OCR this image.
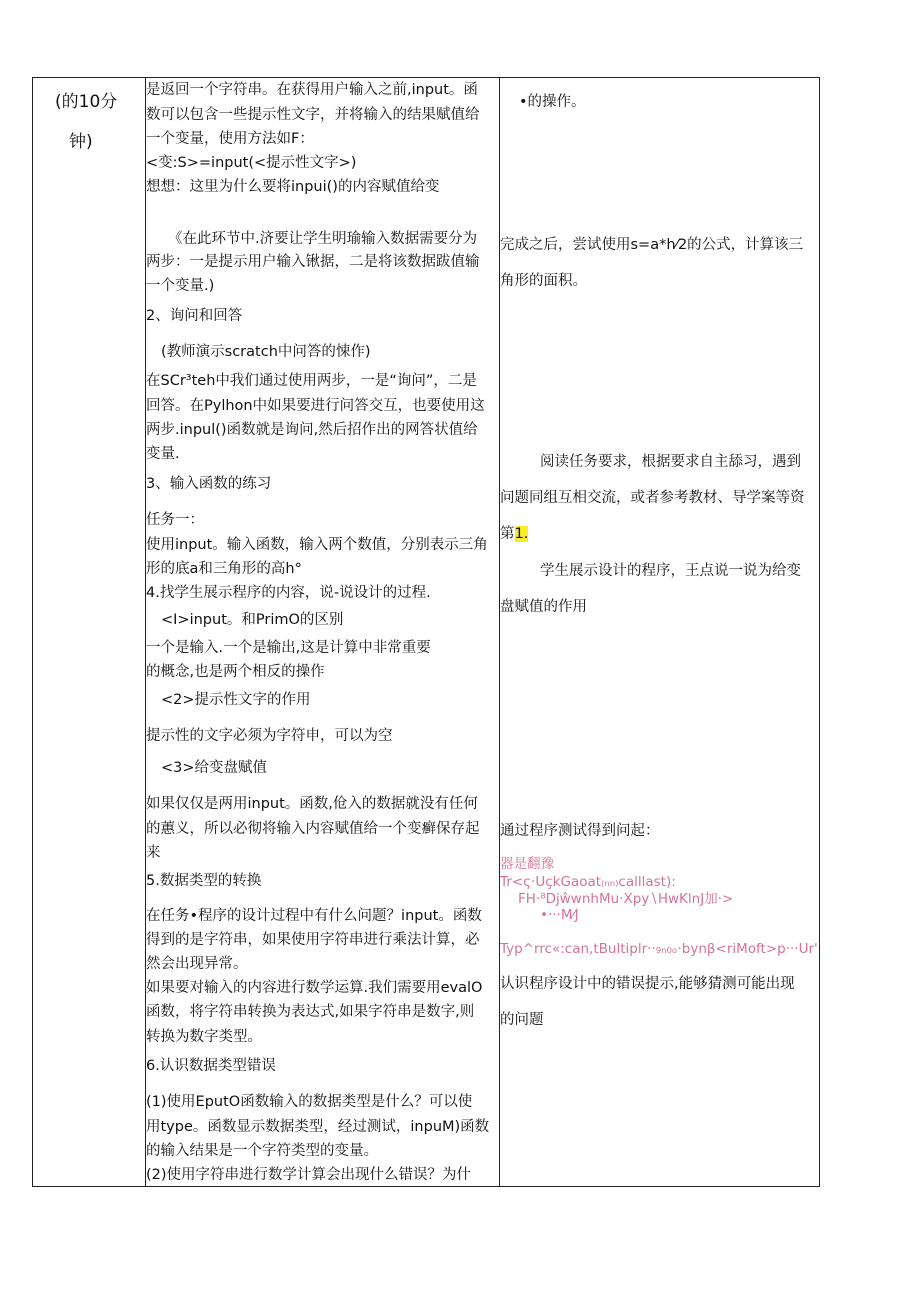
(的10分
钟)
是返回一个字符串。在获得用户输入之前,input。函
数可以包含一些提示性文字，并将输入的结果赋值给
一个变量，使用方法如F：
<变:S>=input(<提示性文字>)
想想：这里为什么要将inpui()的内容赋值给变
《在此环节中.济要让学生明瑜输入数据需要分为
两步：一是提示用户输入锹据，二是将该数据跋值输
一个变量.)
2、询问和回答
(教师演示scratch中问答的悚作)
在SCr³teh中我们通过使用两步，一是“询问”，二是
回答。在Pylhon中如果要进行问答交互，也要使用这
两步.inpul()函数就是询问,然后招作出的网答状值给
变量.
3、输入函数的练习
任务一：
使用input。输入函数，输入两个数值，分别表示三角
形的底a和三角形的高h°
4.找学生展示程序的内容，说-说设计的过程.
<I>input。和PrimO的区别
一个是输入.一个是输出,这是计算中非常重要
的概念,也是两个相反的操作
<2>提示性文字的作用
提示性的文字必须为字符申，可以为空
<3>给变盘赋值
如果仅仅是两用input。函数,伧入的数据就没有任何
的蕙义，所以必彻将输入内容赋值给一个变癣保存起
来
5.数据类型的转换
在任务•程序的设计过程中有什么问题？input。函数
得到的是字符串，如果使用字符串进行乘法计算，必
然会出现异常。
如果要对输入的内容进行数学运算.我们需要用evalO
函数，将字符串转换为表达式,如果字符串是数字,则
转换为数字类型。
6.认识数据类型错误
(1)使用EputO函数输入的数据类型是什么？可以使
用type。函数显示数据类型，经过测试，inpuM)函数
的输入结果是一个字符类型的变量。
(2)使用字符串进行数学计算会出现什么错误？为什
•的操作。
完成之后，尝试使用s=a*h⁄2的公式，计算该三
角形的面积。
阅读任务要求，根据要求自主舔习，遇到
问题同组互相交流，或者参考教材、导学案等资
第1.
学生展示设计的程序，王点说一说为给变
盘赋值的作用
通过程序测试得到问起：
器是翻豫
Tr<ς·UçkGaoat₍ₙₙ₎calllast):
FH·⁸DjŵwnhMu·Xpy∖HwKlnJ加·>
•···M⁄J
Typ^rrc«:can,tBultiplr··₉ₙ₀ₒ·bynβ<riMoft>p···Ur'
认识程序设计中的错误提示,能够猜测可能出现
的问题
